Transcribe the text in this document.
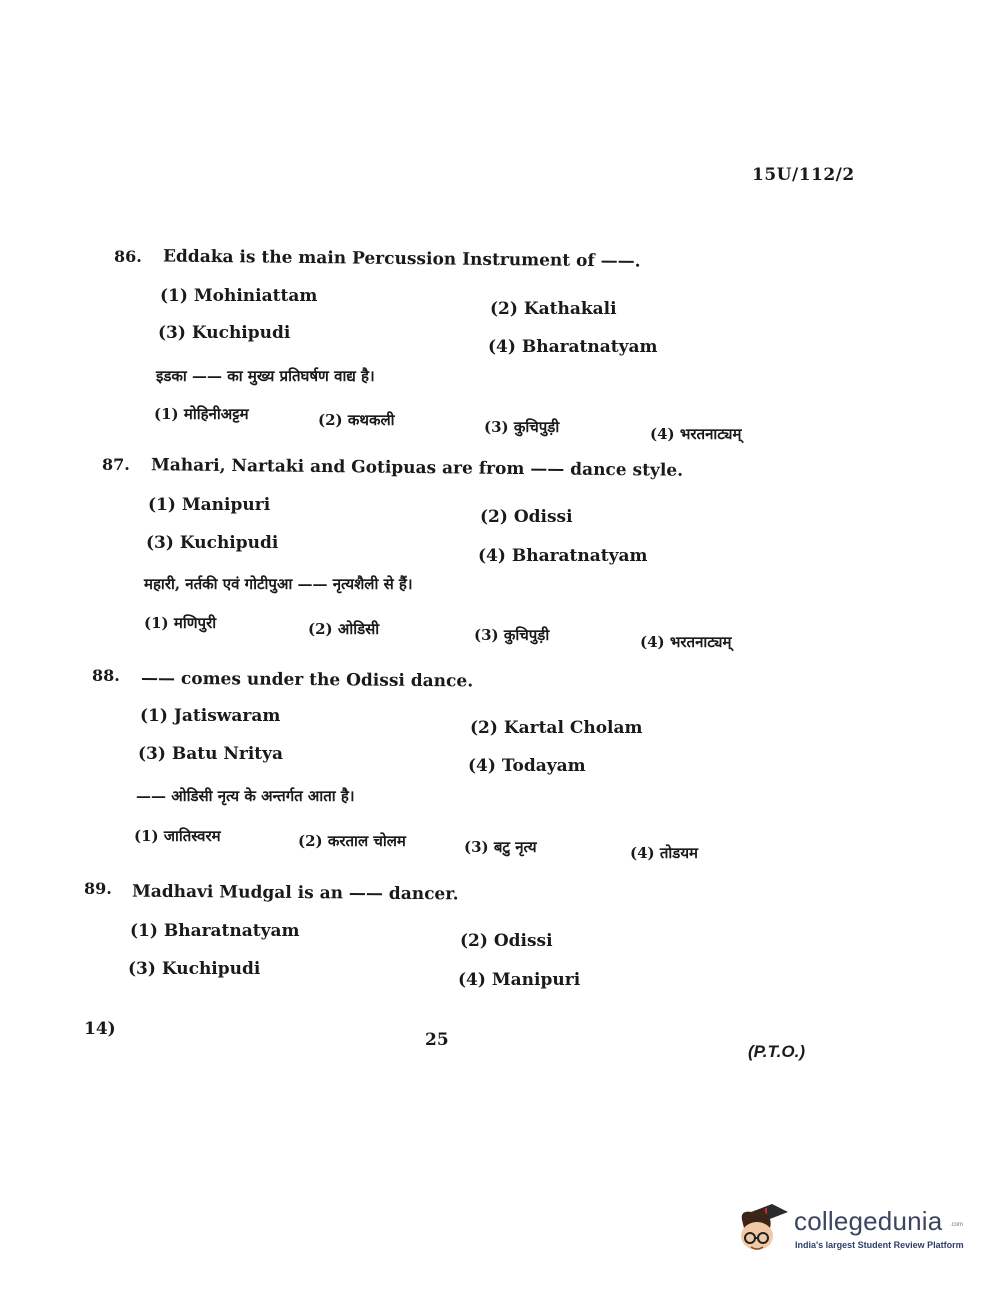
15U/112/2
86. Eddaka is the main Percussion Instrument of ——.
(1) Mohiniattam
(2) Kathakali
(3) Kuchipudi
(4) Bharatnatyam
इडका —— का मुख्य प्रतिघर्षण वाद्य है।
(1) मोहिनीअट्टम	(2) कथकली	(3) कुचिपुड़ी	(4) भरतनाट्यम्
87. Mahari, Nartaki and Gotipuas are from —— dance style.
(1) Manipuri
(2) Odissi
(3) Kuchipudi
(4) Bharatnatyam
महारी, नर्तकी एवं गोटीपुआ —— नृत्यशैली से हैं।
(1) मणिपुरी	(2) ओडिसी	(3) कुचिपुड़ी	(4) भरतनाट्यम्
88. —— comes under the Odissi dance.
(1) Jatiswaram
(2) Kartal Cholam
(3) Batu Nritya
(4) Todayam
—— ओडिसी नृत्य के अन्तर्गत आता है।
(1) जातिस्वरम	(2) करताल चोलम	(3) बटु नृत्य	(4) तोडयम
89. Madhavi Mudgal is an —— dancer.
(1) Bharatnatyam	(2) Odissi
(3) Kuchipudi
(4) Manipuri
14)
25
(P.T.O.)
collegedunia .com
India's largest Student Review Platform
